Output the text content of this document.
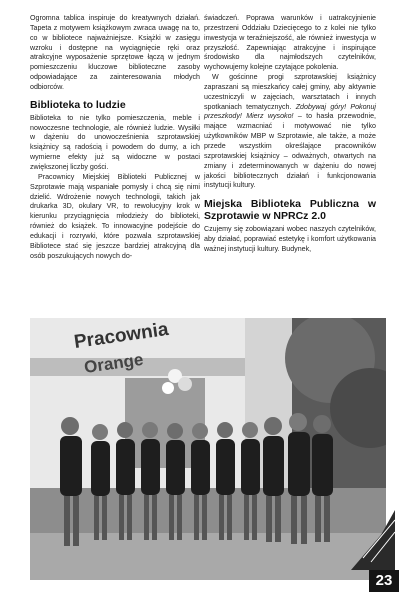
Ogromna tablica inspiruje do kreatywnych działań. Tapeta z motywem książkowym zwraca uwagę na to, co w bibliotece najważniejsze. Książki w zasięgu wzroku i dostępne na wyciągnięcie ręki oraz atrakcyjne wyposażenie sprzętowe łączą w jednym pomieszczeniu kluczowe biblioteczne zasoby odpowiadające za zainteresowania młodych odbiorców.

Biblioteka to ludzie

Biblioteka to nie tylko pomieszczenia, meble i nowoczesne technologie, ale również ludzie. Wysiłki w dążeniu do unowocześnienia szprotawskiej książnicy są radością i powodem do dumy, a ich wymierne efekty już są widoczne w postaci zwiększonej liczby gości.

Pracownicy Miejskiej Biblioteki Publicznej w Szprotawie mają wspaniałe pomysły i chcą się nimi dzielić. Wdrożenie nowych technologii, takich jak drukarka 3D, okulary VR, to rewolucyjny krok w kierunku przyciągnięcia młodzieży do biblioteki, również do książek. To innowacyjne podejście do edukacji i rozrywki, które pozwala szprotawskiej Bibliotece stać się jeszcze bardziej atrakcyjną dla osób poszukujących nowych do-

świadczeń. Poprawa warunków i uatrakcyjnienie przestrzeni Oddziału Dziecięcego to z kolei nie tylko inwestycja w teraźniejszość, ale również inwestycja w przyszłość. Zapewniając atrakcyjne i inspirujące środowisko dla najmłodszych czytelników, wychowujemy kolejne czytające pokolenia.

W gościnne progi szprotawskiej książnicy zapraszani są mieszkańcy całej gminy, aby aktywnie uczestniczyli w zajęciach, warsztatach i innych spotkaniach tematycznych. Zdobywaj góry! Pokonuj przeszkody! Mierz wysoko! – to hasła przewodnie, mające wzmacniać i motywować nie tylko użytkowników MBP w Szprotawie, ale także, a może przede wszystkim określające pracowników szprotawskiej książnicy – odważnych, otwartych na zmiany i zdeterminowanych w dążeniu do nowej jakości bibliotecznych działań i funkcjonowania instytucji kultury.

Miejska Biblioteka Publiczna w Szprotawie w NPRCz 2.0

Czujemy się zobowiązani wobec naszych czytelników, aby działać, poprawiać estetykę i komfort użytkowania ważnej instytucji kultury. Budynek,

Pracownia
Orange
23
